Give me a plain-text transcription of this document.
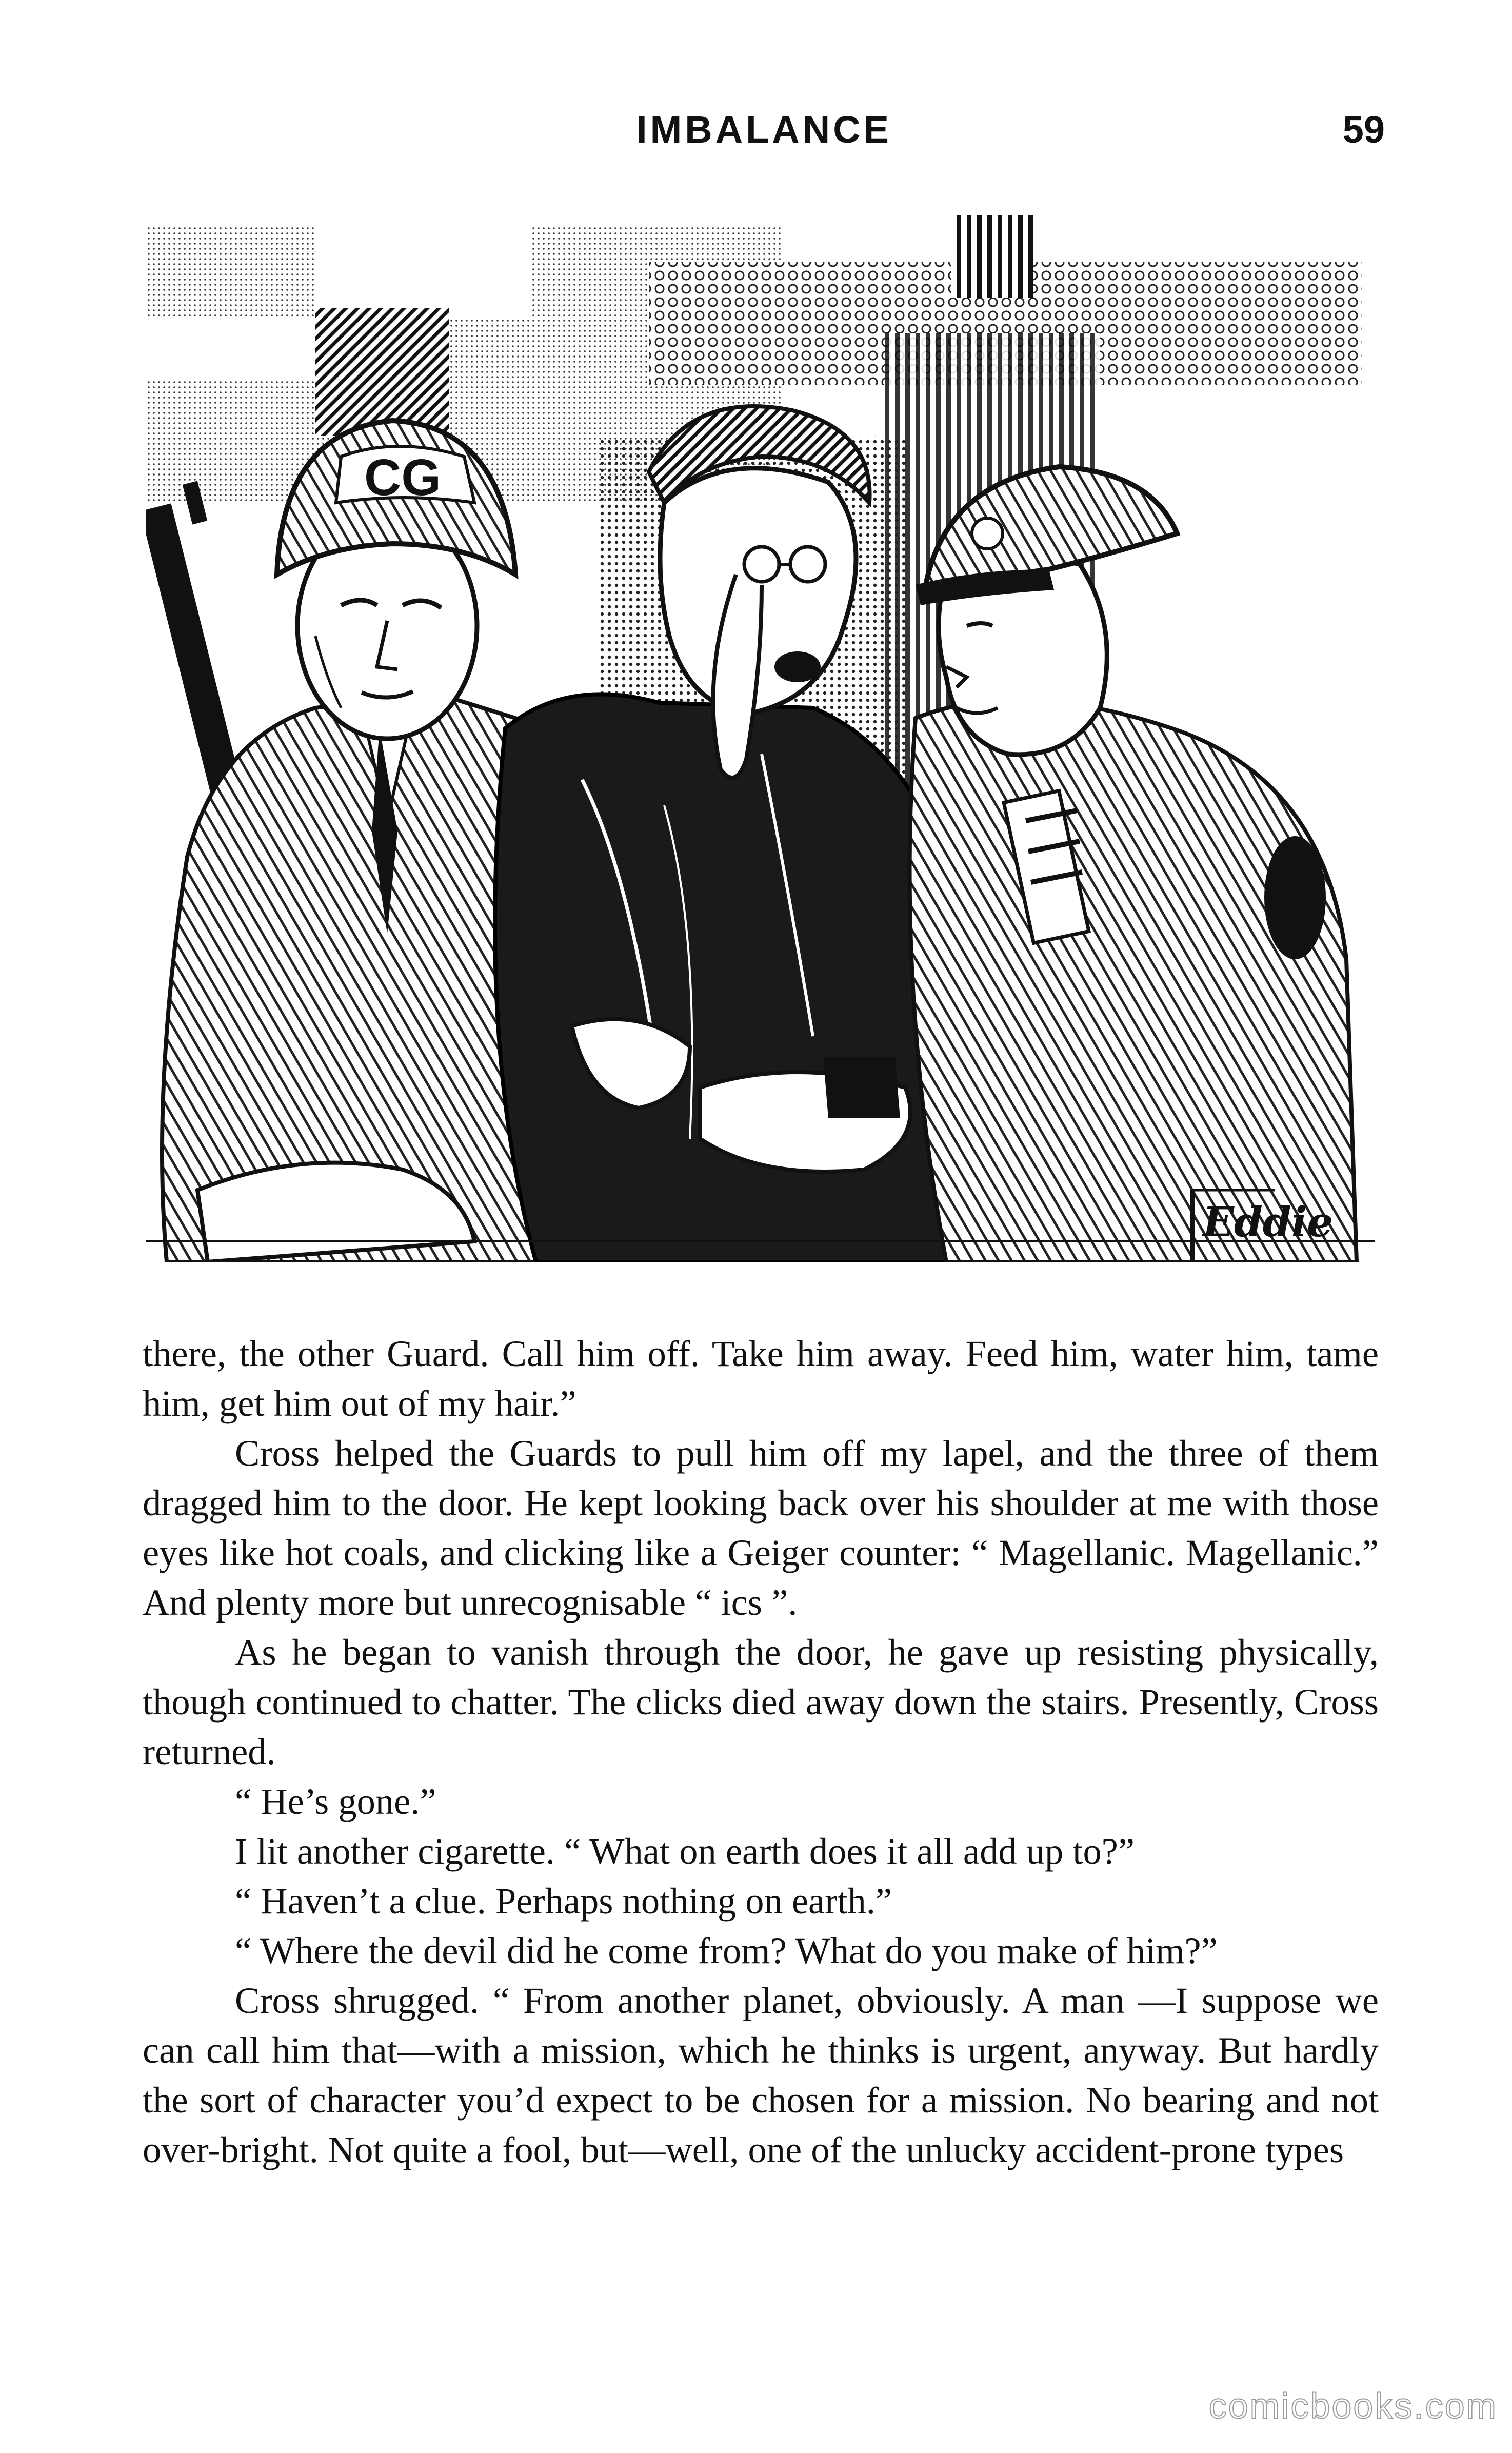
IMBALANCE	59
CG
Eddie

there, the other Guard. Call him off. Take him away. Feed him, water him, tame him, get him out of my hair.”

Cross helped the Guards to pull him off my lapel, and the three of them dragged him to the door. He kept looking back over his shoulder at me with those eyes like hot coals, and clicking like a Geiger counter: “ Magellanic. Magellanic.” And plenty more but unrecognisable “ ics ”.

As he began to vanish through the door, he gave up resisting physically, though continued to chatter. The clicks died away down the stairs. Presently, Cross returned.

“ He’s gone.”

I lit another cigarette. “ What on earth does it all add up to?”

“ Haven’t a clue. Perhaps nothing on earth.”

“ Where the devil did he come from? What do you make of him?”

Cross shrugged. “ From another planet, obviously. A man —I suppose we can call him that—with a mission, which he thinks is urgent, anyway. But hardly the sort of character you’d expect to be chosen for a mission. No bearing and not over-bright. Not quite a fool, but—well, one of the unlucky accident-prone types

comicbooks.com
